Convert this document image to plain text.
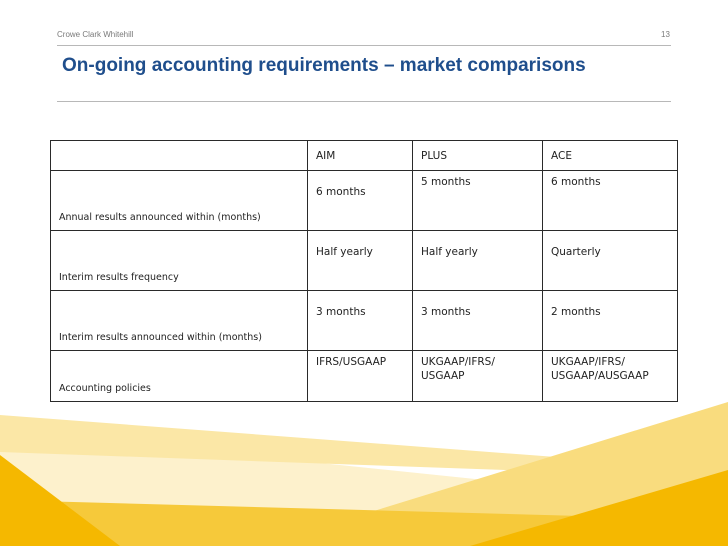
Crowe Clark Whitehill	13
On-going accounting requirements – market comparisons
	AIM	PLUS	ACE
Annual results announced within (months)	6 months	5 months	6 months
Interim results frequency	Half yearly	Half yearly	Quarterly
Interim results announced within (months)	3 months	3 months	2 months
Accounting policies	IFRS/USGAAP	UKGAAP/IFRS/ USGAAP	UKGAAP/IFRS/ USGAAP/AUSGAAP
